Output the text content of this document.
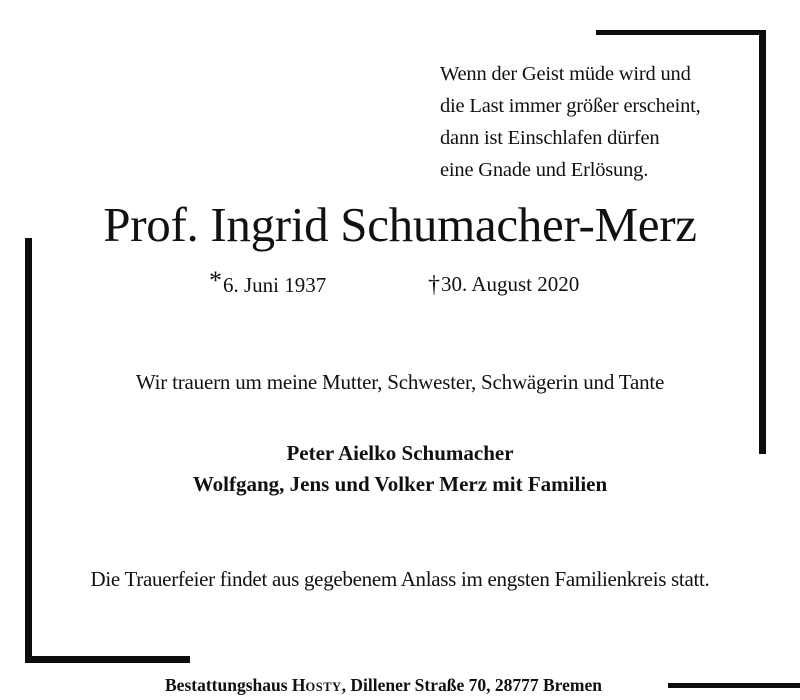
Wenn der Geist müde wird und
die Last immer größer erscheint,
dann ist Einschlafen dürfen
eine Gnade und Erlösung.
Prof. Ingrid Schumacher-Merz
*6. Juni 1937	†30. August 2020
Wir trauern um meine Mutter, Schwester, Schwägerin und Tante
Peter Aielko Schumacher
Wolfgang, Jens und Volker Merz mit Familien
Die Trauerfeier findet aus gegebenem Anlass im engsten Familienkreis statt.
Bestattungshaus HOSTY, Dillener Straße 70, 28777 Bremen
